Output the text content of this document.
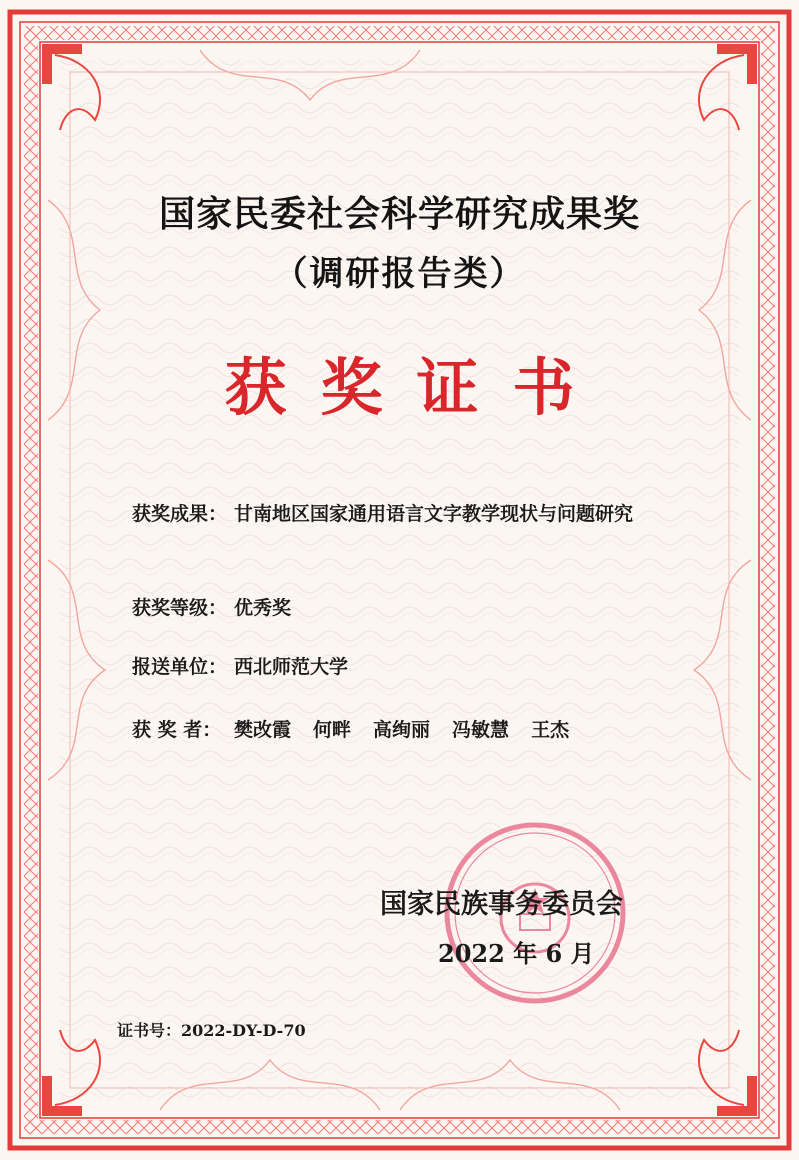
国家民委社会科学研究成果奖

（调研报告类）

获奖证书

获奖成果： 甘南地区国家通用语言文字教学现状与问题研究
获奖等级： 优秀奖
报送单位： 西北师范大学
获 奖 者： 樊改霞 何畔 高绚丽 冯敏慧 王杰

国家民族事务委员会

2022 年 6 月

证书号：2022-DY-D-70
